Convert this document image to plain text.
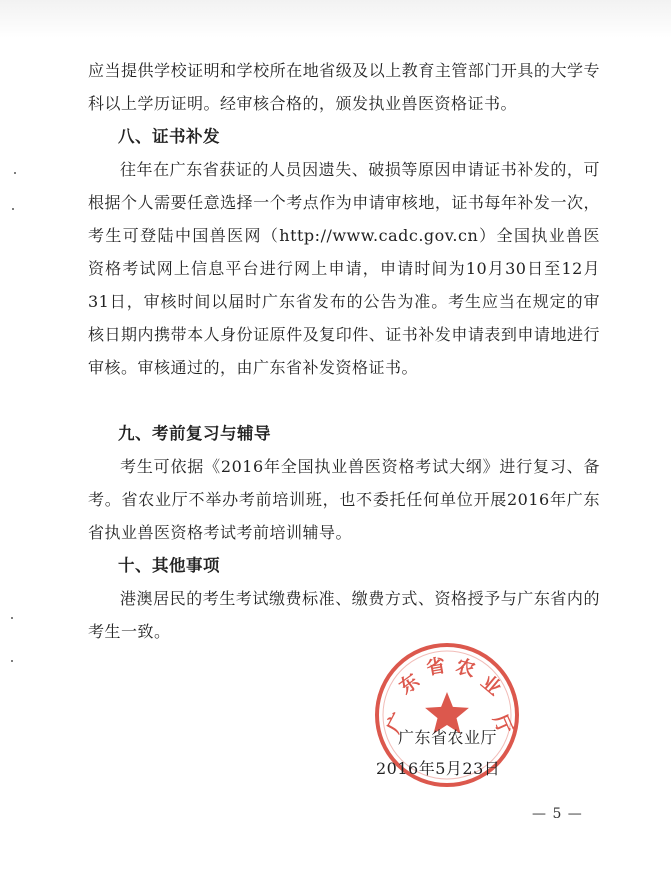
应当提供学校证明和学校所在地省级及以上教育主管部门开具的大学专科以上学历证明。经审核合格的，颁发执业兽医资格证书。

八、证书补发

往年在广东省获证的人员因遗失、破损等原因申请证书补发的，可根据个人需要任意选择一个考点作为申请审核地，证书每年补发一次，考生可登陆中国兽医网（http://www.cadc.gov.cn）全国执业兽医资格考试网上信息平台进行网上申请，申请时间为10月30日至12月31日，审核时间以届时广东省发布的公告为准。考生应当在规定的审核日期内携带本人身份证原件及复印件、证书补发申请表到申请地进行审核。审核通过的，由广东省补发资格证书。

九、考前复习与辅导

考生可依据《2016年全国执业兽医资格考试大纲》进行复习、备考。省农业厅不举办考前培训班，也不委托任何单位开展2016年广东省执业兽医资格考试考前培训辅导。

十、其他事项

港澳居民的考生考试缴费标准、缴费方式、资格授予与广东省内的考生一致。

广
东
省 农
业
厅

广东省农业厅

2016年5月23日

— 5 —
